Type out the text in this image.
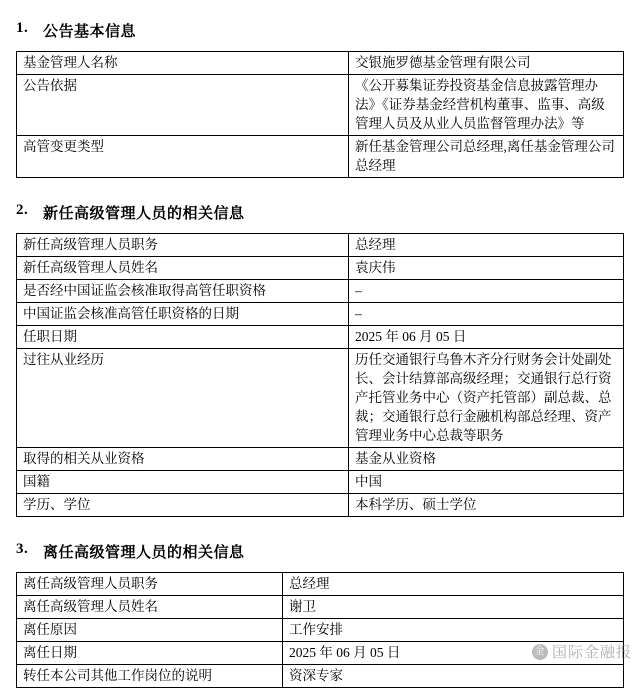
1. 公告基本信息
基金管理人名称	交银施罗德基金管理有限公司
公告依据	《公开募集证券投资基金信息披露管理办法》《证券基金经营机构董事、监事、高级管理人员及从业人员监督管理办法》等
高管变更类型	新任基金管理公司总经理,离任基金管理公司总经理
2. 新任高级管理人员的相关信息
新任高级管理人员职务	总经理
新任高级管理人员姓名	袁庆伟
是否经中国证监会核准取得高管任职资格	–
中国证监会核准高管任职资格的日期	–
任职日期	2025 年 06 月 05 日
过往从业经历	历任交通银行乌鲁木齐分行财务会计处副处长、会计结算部高级经理；交通银行总行资产托管业务中心（资产托管部）副总裁、总裁；交通银行总行金融机构部总经理、资产管理业务中心总裁等职务
取得的相关从业资格	基金从业资格
国籍	中国
学历、学位	本科学历、硕士学位
3. 离任高级管理人员的相关信息
离任高级管理人员职务	总经理
离任高级管理人员姓名	谢卫
离任原因	工作安排
离任日期	2025 年 06 月 05 日
转任本公司其他工作岗位的说明	资深专家
金 国际金融报
